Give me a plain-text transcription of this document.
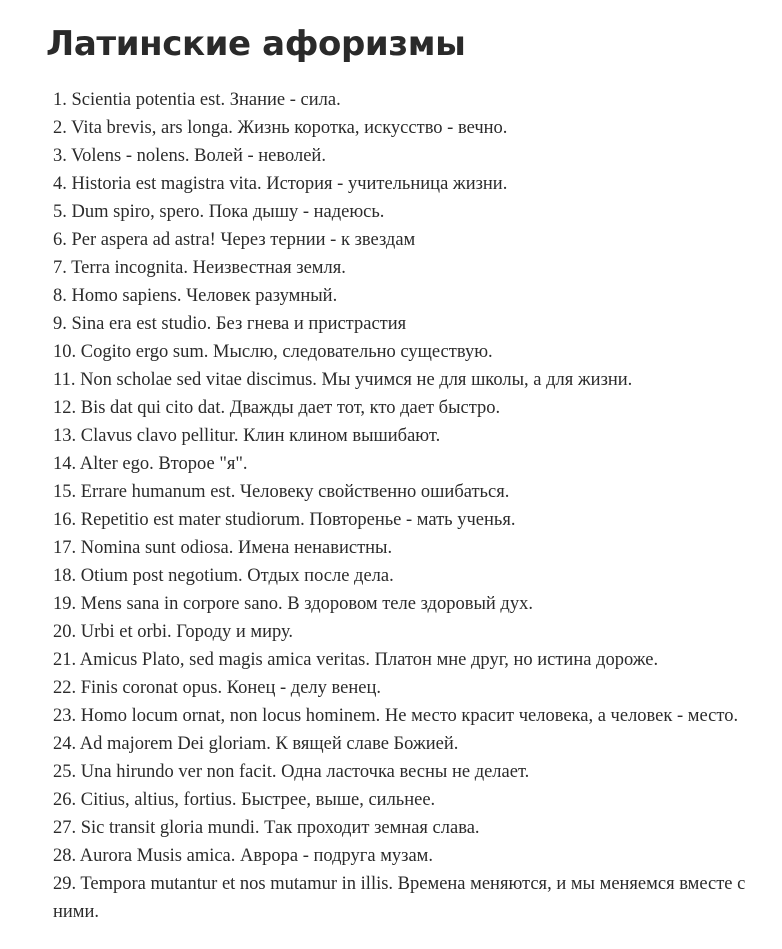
Латинские афоризмы
1. Scientia potentia est. Знание - сила.
2. Vita brevis, ars longa. Жизнь коротка, искусство - вечно.
3. Volens - nolens. Волей - неволей.
4. Historia est magistra vita. История - учительница жизни.
5. Dum spiro, spero. Пока дышу - надеюсь.
6. Per aspera ad astra! Через тернии - к звездам
7. Terra incognita. Неизвестная земля.
8. Homo sapiens. Человек разумный.
9. Sina era est studio. Без гнева и пристрастия
10. Cogito ergo sum. Мыслю, следовательно существую.
11. Non scholae sed vitae discimus. Мы учимся не для школы, а для жизни.
12. Bis dat qui cito dat. Дважды дает тот, кто дает быстро.
13. Clavus clavo pellitur. Клин клином вышибают.
14. Alter ego. Второе "я".
15. Errare humanum est. Человеку свойственно ошибаться.
16. Repetitio est mater studiorum. Повторенье - мать ученья.
17. Nomina sunt odiosa. Имена ненавистны.
18. Otium post negotium. Отдых после дела.
19. Mens sana in corpore sano. В здоровом теле здоровый дух.
20. Urbi et orbi. Городу и миру.
21. Amicus Plato, sed magis amica veritas. Платон мне друг, но истина дороже.
22. Finis coronat opus. Конец - делу венец.
23. Homo locum ornat, non locus hominem. Не место красит человека, а человек - место.
24. Ad majorem Dei gloriam. К вящей славе Божией.
25. Una hirundo ver non facit. Одна ласточка весны не делает.
26. Citius, altius, fortius. Быстрее, выше, сильнее.
27. Sic transit gloria mundi. Так проходит земная слава.
28. Aurora Musis amica. Аврора - подруга музам.
29. Tempora mutantur et nos mutamur in illis. Времена меняются, и мы меняемся вместе с ними.
